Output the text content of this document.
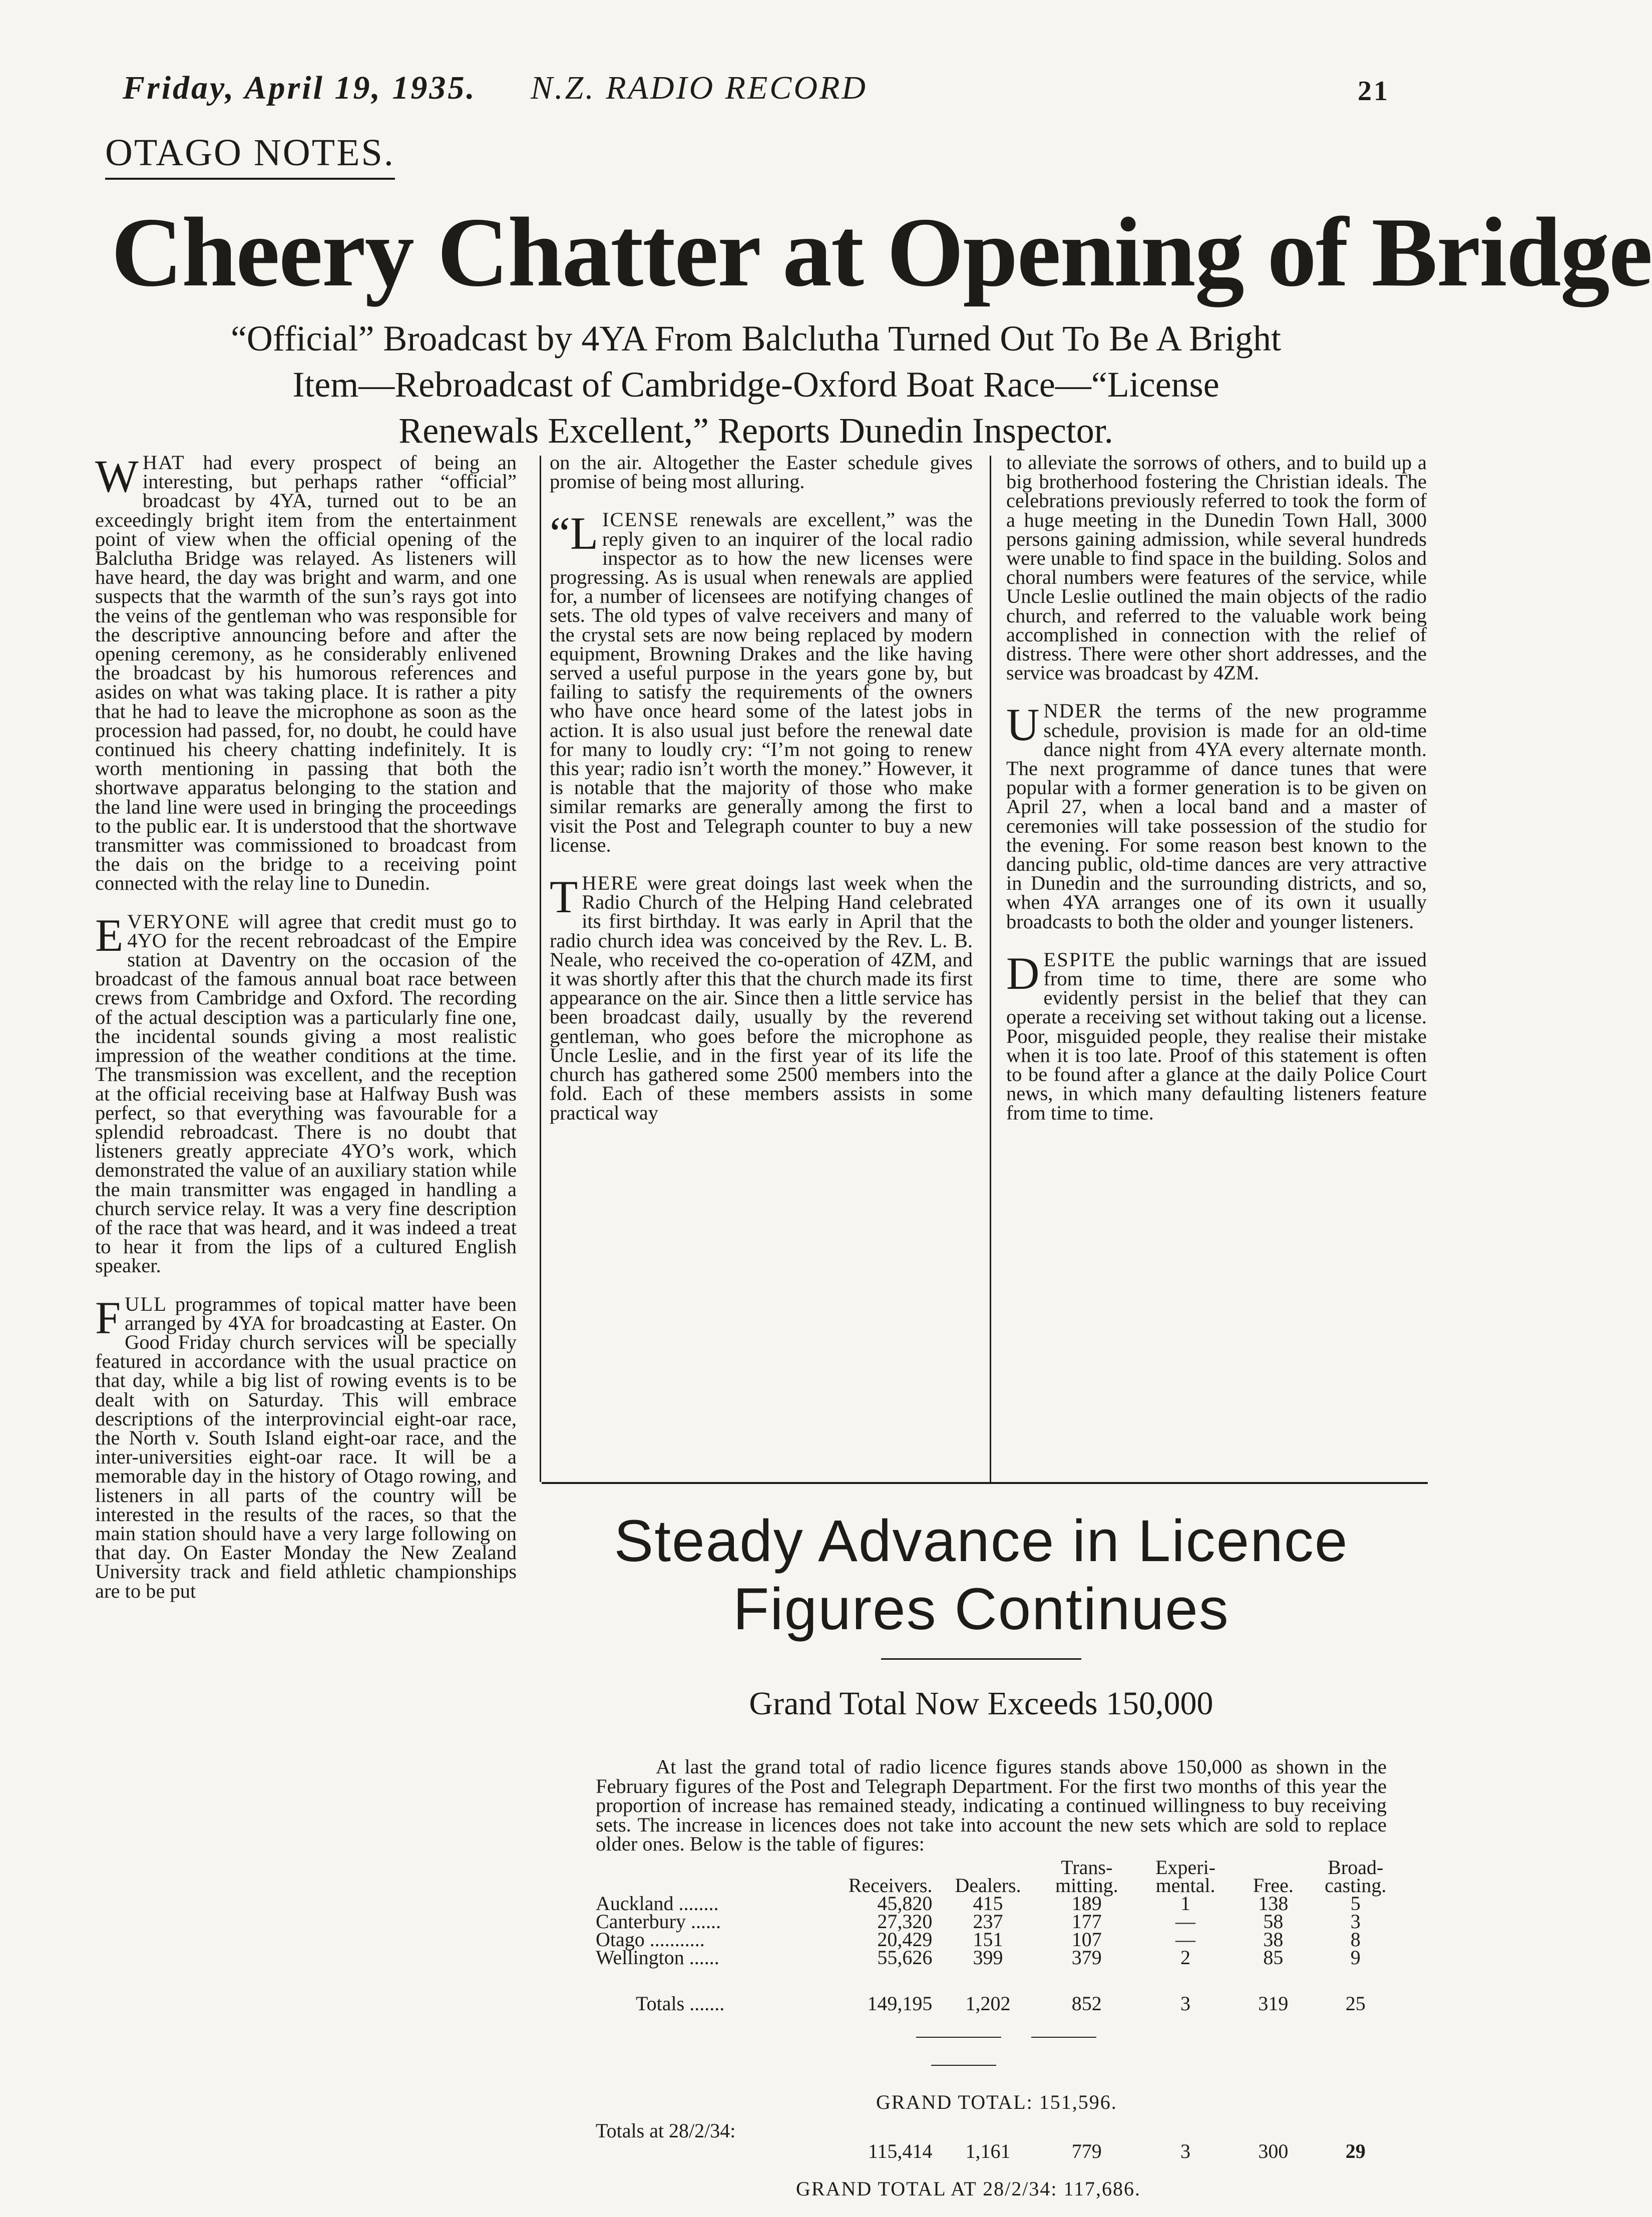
Friday, April 19, 1935. N.Z. RADIO RECORD	21
OTAGO NOTES.
Cheery Chatter at Opening of Bridge
“Official” Broadcast by 4YA From Balclutha Turned Out To Be A Bright
Item—Rebroadcast of Cambridge-Oxford Boat Race—“License
Renewals Excellent,” Reports Dunedin Inspector.

WHAT had every prospect of being an interesting, but perhaps rather “official” broadcast by 4YA, turned out to be an exceedingly bright item from the entertainment point of view when the official opening of the Balclutha Bridge was relayed. As listeners will have heard, the day was bright and warm, and one suspects that the warmth of the sun’s rays got into the veins of the gentleman who was responsible for the descriptive announcing before and after the opening ceremony, as he considerably enlivened the broadcast by his humorous references and asides on what was taking place. It is rather a pity that he had to leave the microphone as soon as the procession had passed, for, no doubt, he could have continued his cheery chatting indefinitely. It is worth mentioning in passing that both the shortwave apparatus belonging to the station and the land line were used in bringing the proceedings to the public ear. It is understood that the shortwave transmitter was commissioned to broadcast from the dais on the bridge to a receiving point connected with the relay line to Dunedin.

EVERYONE will agree that credit must go to 4YO for the recent rebroadcast of the Empire station at Daventry on the occasion of the broadcast of the famous annual boat race between crews from Cambridge and Oxford. The recording of the actual desciption was a particularly fine one, the incidental sounds giving a most realistic impression of the weather conditions at the time. The transmission was excellent, and the reception at the official receiving base at Halfway Bush was perfect, so that everything was favourable for a splendid rebroadcast. There is no doubt that listeners greatly appreciate 4YO’s work, which demonstrated the value of an auxiliary station while the main transmitter was engaged in handling a church service relay. It was a very fine description of the race that was heard, and it was indeed a treat to hear it from the lips of a cultured English speaker.

FULL programmes of topical matter have been arranged by 4YA for broadcasting at Easter. On Good Friday church services will be specially featured in accordance with the usual practice on that day, while a big list of rowing events is to be dealt with on Saturday. This will embrace descriptions of the interprovincial eight-oar race, the North v. South Island eight-oar race, and the inter-universities eight-oar race. It will be a memorable day in the history of Otago rowing, and listeners in all parts of the country will be interested in the results of the races, so that the main station should have a very large following on that day. On Easter Monday the New Zealand University track and field athletic championships are to be put

on the air. Altogether the Easter schedule gives promise of being most alluring.

“LICENSE renewals are excellent,” was the reply given to an inquirer of the local radio inspector as to how the new licenses were progressing. As is usual when renewals are applied for, a number of licensees are notifying changes of sets. The old types of valve receivers and many of the crystal sets are now being replaced by modern equipment, Browning Drakes and the like having served a useful purpose in the years gone by, but failing to satisfy the requirements of the owners who have once heard some of the latest jobs in action. It is also usual just before the renewal date for many to loudly cry: “I’m not going to renew this year; radio isn’t worth the money.” However, it is notable that the majority of those who make similar remarks are generally among the first to visit the Post and Telegraph counter to buy a new license.

THERE were great doings last week when the Radio Church of the Helping Hand celebrated its first birthday. It was early in April that the radio church idea was conceived by the Rev. L. B. Neale, who received the co-operation of 4ZM, and it was shortly after this that the church made its first appearance on the air. Since then a little service has been broadcast daily, usually by the reverend gentleman, who goes before the microphone as Uncle Leslie, and in the first year of its life the church has gathered some 2500 members into the fold. Each of these members assists in some practical way

to alleviate the sorrows of others, and to build up a big brotherhood fostering the Christian ideals. The celebrations previously referred to took the form of a huge meeting in the Dunedin Town Hall, 3000 persons gaining admission, while several hundreds were unable to find space in the building. Solos and choral numbers were features of the service, while Uncle Leslie outlined the main objects of the radio church, and referred to the valuable work being accomplished in connection with the relief of distress. There were other short addresses, and the service was broadcast by 4ZM.

UNDER the terms of the new programme schedule, provision is made for an old-time dance night from 4YA every alternate month. The next programme of dance tunes that were popular with a former generation is to be given on April 27, when a local band and a master of ceremonies will take possession of the studio for the evening. For some reason best known to the dancing public, old-time dances are very attractive in Dunedin and the surrounding districts, and so, when 4YA arranges one of its own it usually broadcasts to both the older and younger listeners.

DESPITE the public warnings that are issued from time to time, there are some who evidently persist in the belief that they can operate a receiving set without taking out a license. Poor, misguided people, they realise their mistake when it is too late. Proof of this statement is often to be found after a glance at the daily Police Court news, in which many defaulting listeners feature from time to time.

Steady Advance in Licence
Figures Continues
Grand Total Now Exceeds 150,000
At last the grand total of radio licence figures stands above 150,000 as shown in the February figures of the Post and Telegraph Department. For the first two months of this year the proportion of increase has remained steady, indicating a continued willingness to buy receiving sets. The increase in licences does not take into account the new sets which are sold to replace older ones. Below is the table of figures:
			Trans-	Experi-		Broad-
	Receivers.	Dealers.	mitting.	mental.	Free.	casting.
Auckland ........	45,820	415	189	1	138	5
Canterbury ......	27,320	237	177	—	58	3
Otago ...........	20,429	151	107	—	38	8
Wellington ......	55,626	399	379	2	85	9

Totals .......	149,195	1,202	852	3	319	25
GRAND TOTAL: 151,596.
Totals at 28/2/34:
	115,414	1,161	779	3	300	29
GRAND TOTAL AT 28/2/34: 117,686.
